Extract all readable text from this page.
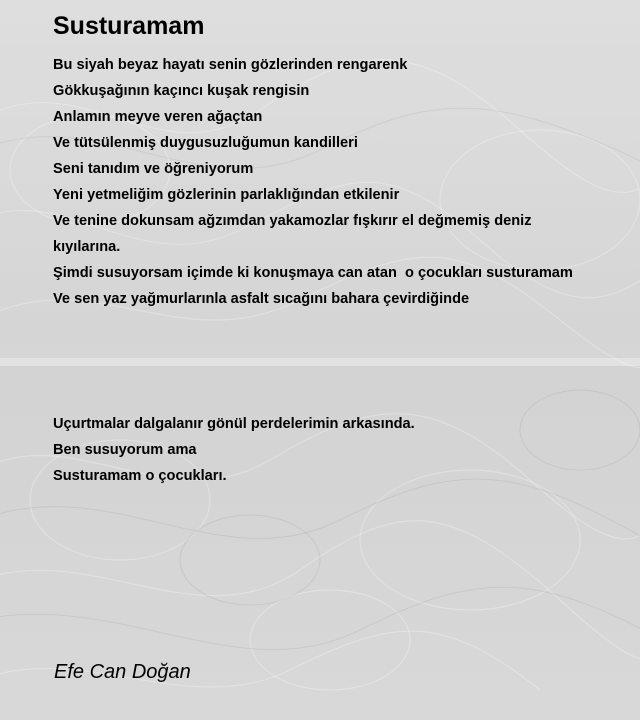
Susturamam
Bu siyah beyaz hayatı senin gözlerinden rengarenk
Gökkuşağının kaçıncı kuşak rengisin
Anlamın meyve veren ağaçtan
Ve tütsülenmiş duygusuzluğumun kandilleri
Seni tanıdım ve öğreniyorum
Yeni yetmeliğim gözlerinin parlaklığından etkilenir
Ve tenine dokunsam ağzımdan yakamozlar fışkırır el değmemiş deniz
kıyılarına.
Şimdi susuyorsam içimde ki konuşmaya can atan  o çocukları susturamam
Ve sen yaz yağmurlarınla asfalt sıcağını bahara çevirdiğinde
Uçurtmalar dalgalanır gönül perdelerimin arkasında.
Ben susuyorum ama
Susturamam o çocukları.

Efe Can Doğan
